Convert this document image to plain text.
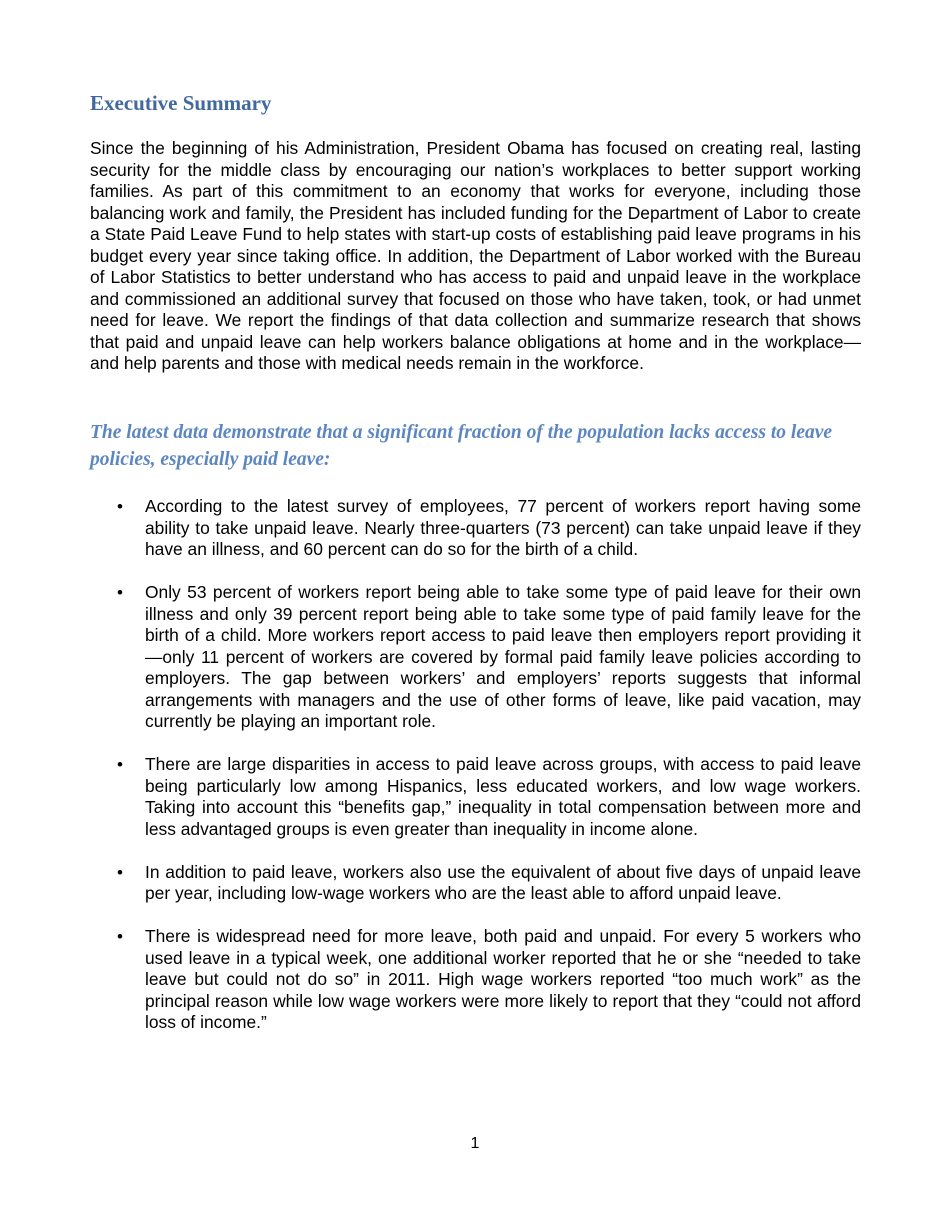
Executive Summary

Since the beginning of his Administration, President Obama has focused on creating real, lasting security for the middle class by encouraging our nation’s workplaces to better support working families. As part of this commitment to an economy that works for everyone, including those balancing work and family, the President has included funding for the Department of Labor to create a State Paid Leave Fund to help states with start-up costs of establishing paid leave programs in his budget every year since taking office. In addition, the Department of Labor worked with the Bureau of Labor Statistics to better understand who has access to paid and unpaid leave in the workplace and commissioned an additional survey that focused on those who have taken, took, or had unmet need for leave. We report the findings of that data collection and summarize research that shows that paid and unpaid leave can help workers balance obligations at home and in the workplace—and help parents and those with medical needs remain in the workforce.

The latest data demonstrate that a significant fraction of the population lacks access to leave policies, especially paid leave:

• According to the latest survey of employees, 77 percent of workers report having some ability to take unpaid leave. Nearly three-quarters (73 percent) can take unpaid leave if they have an illness, and 60 percent can do so for the birth of a child.
• Only 53 percent of workers report being able to take some type of paid leave for their own illness and only 39 percent report being able to take some type of paid family leave for the birth of a child. More workers report access to paid leave then employers report providing it—only 11 percent of workers are covered by formal paid family leave policies according to employers. The gap between workers’ and employers’ reports suggests that informal arrangements with managers and the use of other forms of leave, like paid vacation, may currently be playing an important role.
• There are large disparities in access to paid leave across groups, with access to paid leave being particularly low among Hispanics, less educated workers, and low wage workers. Taking into account this “benefits gap,” inequality in total compensation between more and less advantaged groups is even greater than inequality in income alone.
• In addition to paid leave, workers also use the equivalent of about five days of unpaid leave per year, including low-wage workers who are the least able to afford unpaid leave.
• There is widespread need for more leave, both paid and unpaid. For every 5 workers who used leave in a typical week, one additional worker reported that he or she “needed to take leave but could not do so” in 2011. High wage workers reported “too much work” as the principal reason while low wage workers were more likely to report that they “could not afford loss of income.”
1
